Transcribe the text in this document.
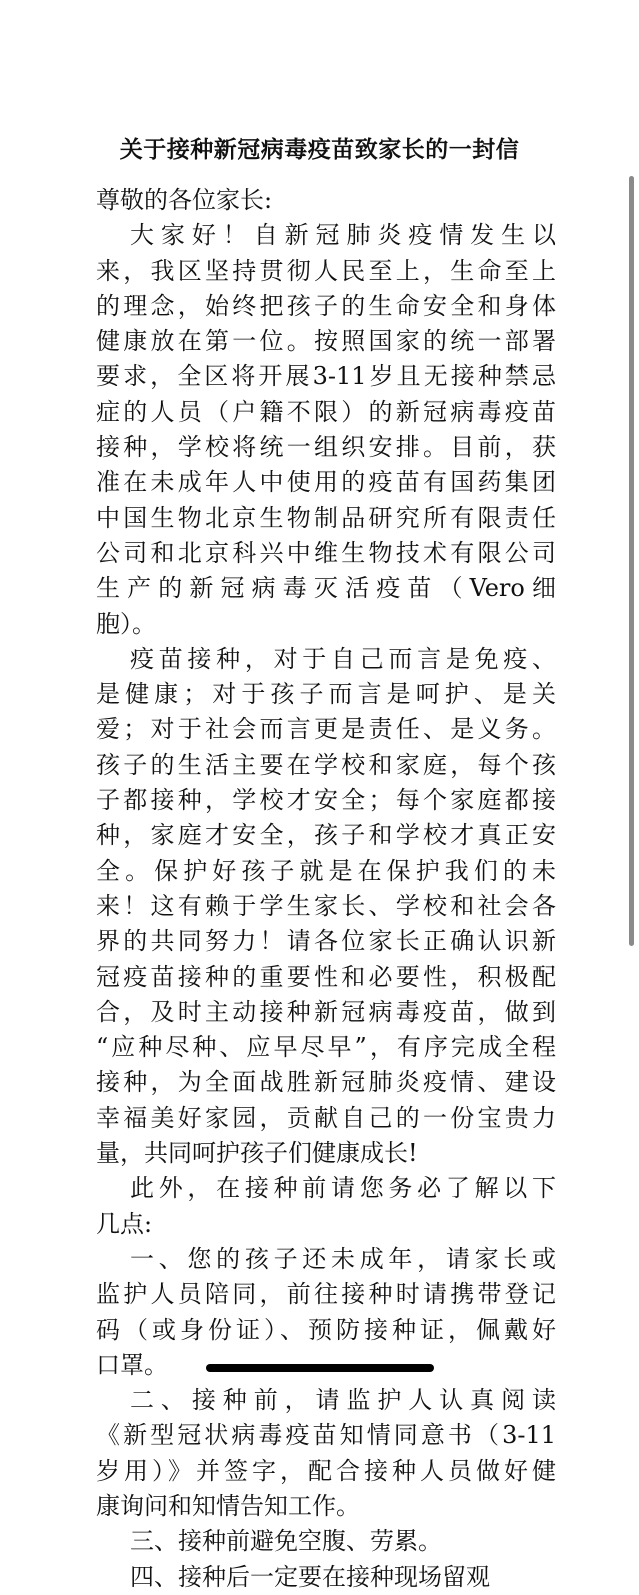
关于接种新冠病毒疫苗致家长的一封信
尊敬的各位家长:
大家好！自新冠肺炎疫情发生以
来，我区坚持贯彻人民至上，生命至上
的理念，始终把孩子的生命安全和身体
健康放在第一位。按照国家的统一部署
要求，全区将开展3-11岁且无接种禁忌
症的人员（户籍不限）的新冠病毒疫苗
接种，学校将统一组织安排。目前，获
准在未成年人中使用的疫苗有国药集团
中国生物北京生物制品研究所有限责任
公司和北京科兴中维生物技术有限公司
生产的新冠病毒灭活疫苗（Vero细
胞）。
疫苗接种，对于自己而言是免疫、
是健康；对于孩子而言是呵护、是关
爱；对于社会而言更是责任、是义务。
孩子的生活主要在学校和家庭，每个孩
子都接种，学校才安全；每个家庭都接
种，家庭才安全，孩子和学校才真正安
全。保护好孩子就是在保护我们的未
来！这有赖于学生家长、学校和社会各
界的共同努力！请各位家长正确认识新
冠疫苗接种的重要性和必要性，积极配
合，及时主动接种新冠病毒疫苗，做到
“应种尽种、应早尽早”，有序完成全程
接种，为全面战胜新冠肺炎疫情、建设
幸福美好家园，贡献自己的一份宝贵力
量，共同呵护孩子们健康成长!
此外，在接种前请您务必了解以下
几点:
一、您的孩子还未成年，请家长或
监护人员陪同，前往接种时请携带登记
码（或身份证）、预防接种证，佩戴好
口罩。
二、接种前，请监护人认真阅读
《新型冠状病毒疫苗知情同意书（3-11
岁用）》并签字，配合接种人员做好健
康询问和知情告知工作。
三、接种前避免空腹、劳累。
四、接种后一定要在接种现场留观
